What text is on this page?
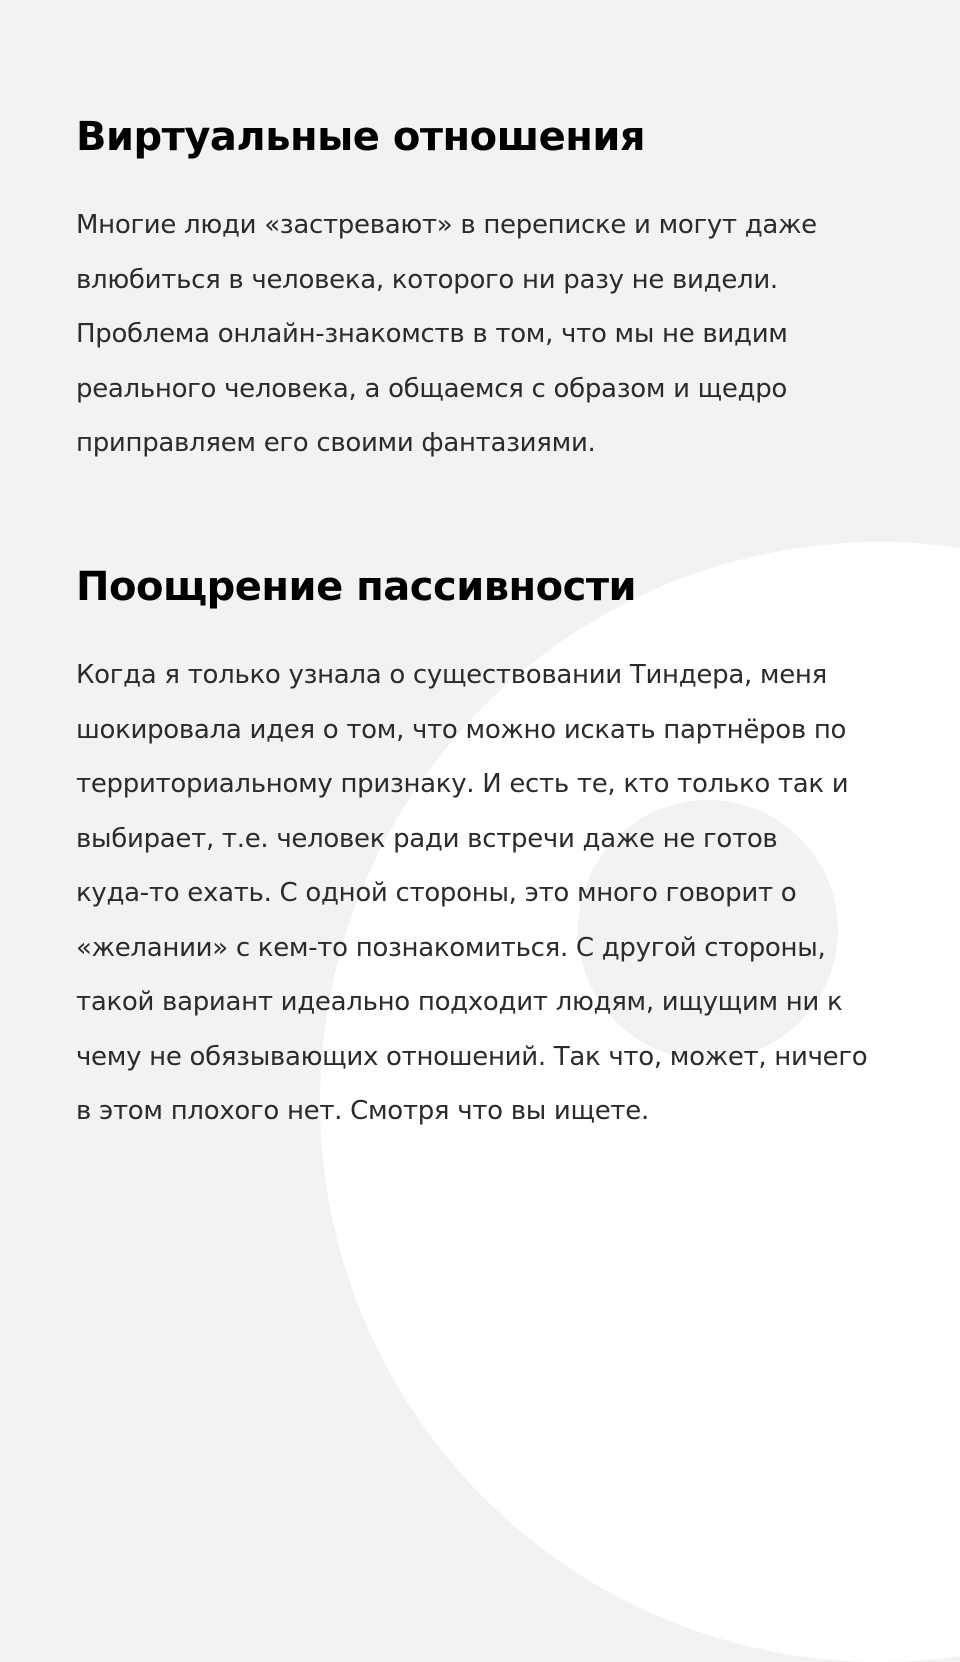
Виртуальные отношения

Многие люди «застревают» в переписке и могут даже
влюбиться в человека, которого ни разу не видели.
Проблема онлайн-знакомств в том, что мы не видим
реального человека, а общаемся с образом и щедро
приправляем его своими фантазиями.

Поощрение пассивности

Когда я только узнала о существовании Тиндера, меня
шокировала идея о том, что можно искать партнёров по
территориальному признаку. И есть те, кто только так и
выбирает, т.е. человек ради встречи даже не готов
куда-то ехать. С одной стороны, это много говорит о
«желании» с кем-то познакомиться. С другой стороны,
такой вариант идеально подходит людям, ищущим ни к
чему не обязывающих отношений. Так что, может, ничего
в этом плохого нет. Смотря что вы ищете.
